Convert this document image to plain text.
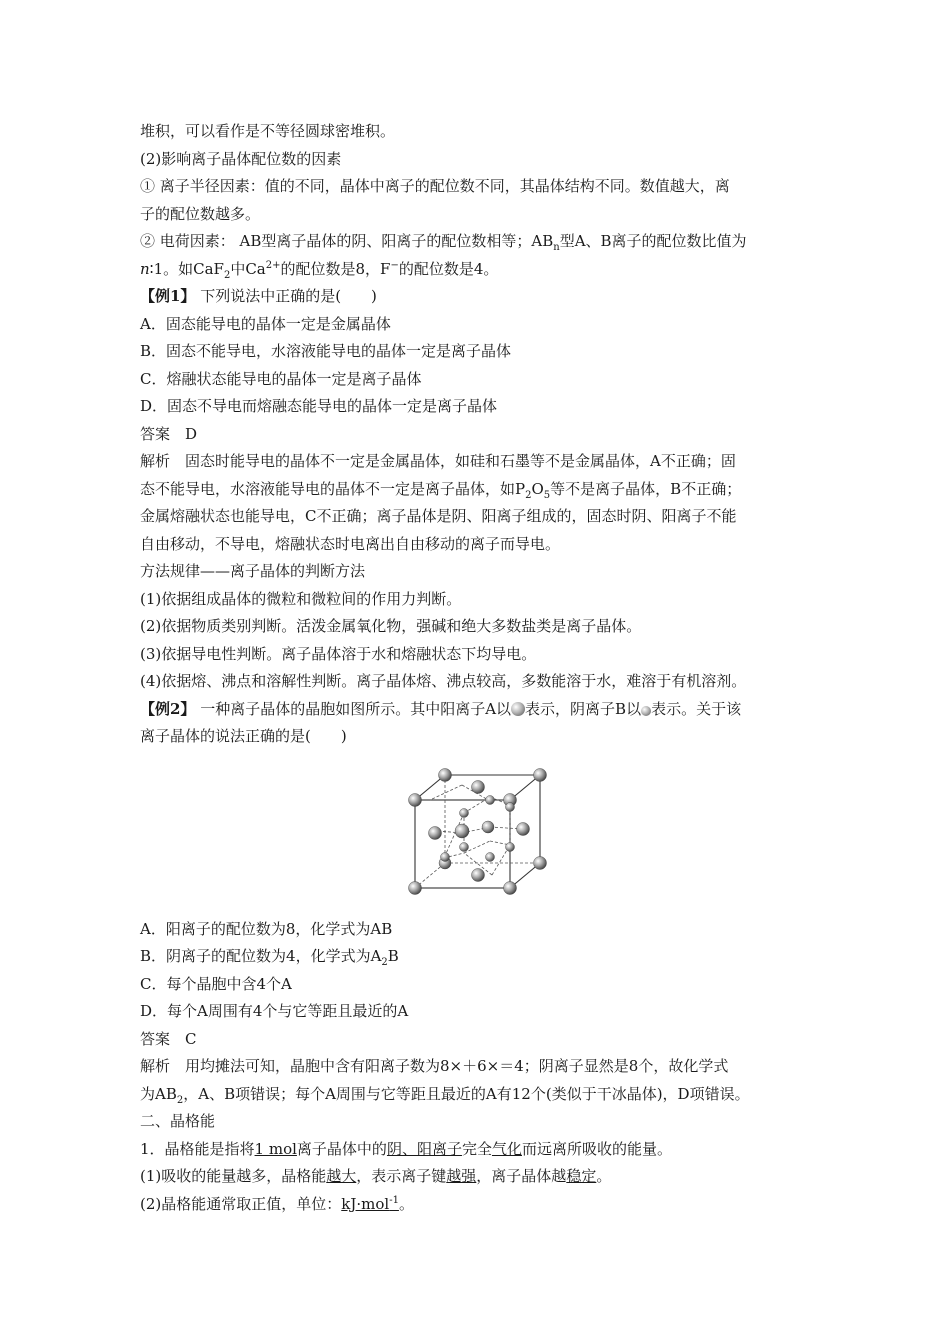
堆积，可以看作是不等径圆球密堆积。
(2)影响离子晶体配位数的因素
① 离子半径因素：值的不同，晶体中离子的配位数不同，其晶体结构不同。数值越大，离
子的配位数越多。
② 电荷因素： AB型离子晶体的阴、阳离子的配位数相等；$AB_n$型A、B离子的配位数比值为
n∶1。如CaF$_2$中$Ca^{2+}$的配位数是8，F−的配位数是4。
【例1】 下列说法中正确的是(　　)
A．固态能导电的晶体一定是金属晶体
B．固态不能导电，水溶液能导电的晶体一定是离子晶体
C．熔融状态能导电的晶体一定是离子晶体
D．固态不导电而熔融态能导电的晶体一定是离子晶体
答案　D
解析　固态时能导电的晶体不一定是金属晶体，如硅和石墨等不是金属晶体，A不正确；固
态不能导电，水溶液能导电的晶体不一定是离子晶体，如$P_2O_5$等不是离子晶体，B不正确；
金属熔融状态也能导电，C不正确；离子晶体是阴、阳离子组成的，固态时阴、阳离子不能
自由移动，不导电，熔融状态时电离出自由移动的离子而导电。
方法规律——离子晶体的判断方法
(1)依据组成晶体的微粒和微粒间的作用力判断。
(2)依据物质类别判断。活泼金属氧化物，强碱和绝大多数盐类是离子晶体。
(3)依据导电性判断。离子晶体溶于水和熔融状态下均导电。
(4)依据熔、沸点和溶解性判断。离子晶体熔、沸点较高，多数能溶于水，难溶于有机溶剂。
【例2】 一种离子晶体的晶胞如图所示。其中阳离子A以 表示，阴离子B以 表示。关于该
离子晶体的说法正确的是(　　)
A．阳离子的配位数为8，化学式为AB
B．阴离子的配位数为4，化学式为$A_2B$
C．每个晶胞中含4个A
D．每个A周围有4个与它等距且最近的A
答案　C
解析　用均摊法可知，晶胞中含有阳离子数为8×＋6×＝4；阴离子显然是8个，故化学式
为$AB_2$，A、B项错误；每个A周围与它等距且最近的A有12个(类似于干冰晶体)，D项错误。
二、晶格能
1．晶格能是指将1 mol离子晶体中的阴、阳离子完全气化而远离所吸收的能量。
(1)吸收的能量越多，晶格能越大，表示离子键越强，离子晶体越稳定。
(2)晶格能通常取正值，单位：kJ·mol$^{-1}$。
